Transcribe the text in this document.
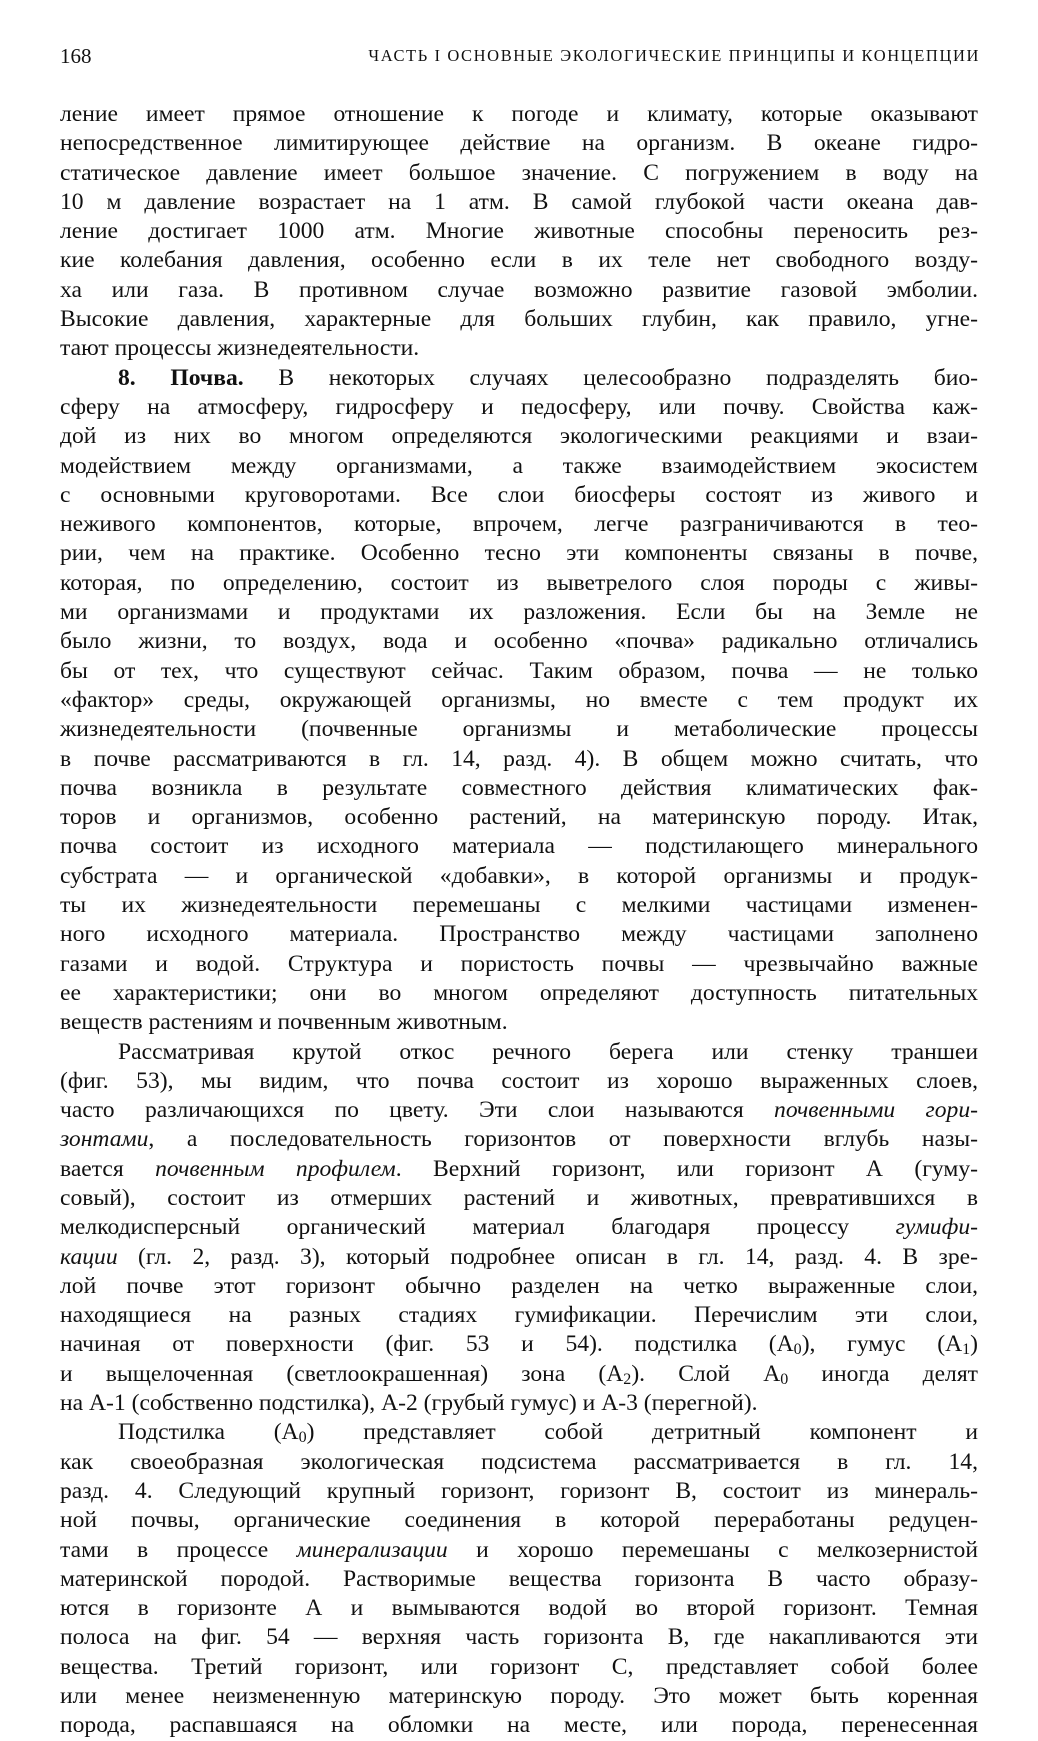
168	ЧАСТЬ I ОСНОВНЫЕ ЭКОЛОГИЧЕСКИЕ ПРИНЦИПЫ И КОНЦЕПЦИИ
ление имеет прямое отношение к погоде и климату, которые оказывают
непосредственное лимитирующее действие на организм. В океане гидро-
статическое давление имеет большое значение. С погружением в воду на
10 м давление возрастает на 1 атм. В самой глубокой части океана дав-
ление достигает 1000 атм. Многие животные способны переносить рез-
кие колебания давления, особенно если в их теле нет свободного возду-
ха или газа. В противном случае возможно развитие газовой эмболии.
Высокие давления, характерные для больших глубин, как правило, угне-
тают процессы жизнедеятельности.
8. Почва. В некоторых случаях целесообразно подразделять био-
сферу на атмосферу, гидросферу и педосферу, или почву. Свойства каж-
дой из них во многом определяются экологическими реакциями и взаи-
модействием между организмами, а также взаимодействием экосистем
с основными круговоротами. Все слои биосферы состоят из живого и
неживого компонентов, которые, впрочем, легче разграничиваются в тео-
рии, чем на практике. Особенно тесно эти компоненты связаны в почве,
которая, по определению, состоит из выветрелого слоя породы с живы-
ми организмами и продуктами их разложения. Если бы на Земле не
было жизни, то воздух, вода и особенно «почва» радикально отличались
бы от тех, что существуют сейчас. Таким образом, почва — не только
«фактор» среды, окружающей организмы, но вместе с тем продукт их
жизнедеятельности (почвенные организмы и метаболические процессы
в почве рассматриваются в гл. 14, разд. 4). В общем можно считать, что
почва возникла в результате совместного действия климатических фак-
торов и организмов, особенно растений, на материнскую породу. Итак,
почва состоит из исходного материала — подстилающего минерального
субстрата — и органической «добавки», в которой организмы и продук-
ты их жизнедеятельности перемешаны с мелкими частицами изменен-
ного исходного материала. Пространство между частицами заполнено
газами и водой. Структура и пористость почвы — чрезвычайно важные
ее характеристики; они во многом определяют доступность питательных
веществ растениям и почвенным животным.
Рассматривая крутой откос речного берега или стенку траншеи
(фиг. 53), мы видим, что почва состоит из хорошо выраженных слоев,
часто различающихся по цвету. Эти слои называются почвенными гори-
зонтами, а последовательность горизонтов от поверхности вглубь назы-
вается почвенным профилем. Верхний горизонт, или горизонт А (гуму-
совый), состоит из отмерших растений и животных, превратившихся в
мелкодисперсный органический материал благодаря процессу гумифи-
кации (гл. 2, разд. 3), который подробнее описан в гл. 14, разд. 4. В зре-
лой почве этот горизонт обычно разделен на четко выраженные слои,
находящиеся на разных стадиях гумификации. Перечислим эти слои,
начиная от поверхности (фиг. 53 и 54). подстилка $(A_0)$, гумус $(A_1)$
и выщелоченная (светлоокрашенная) зона $(A_2)$. Слой $A_0$ иногда делят
на А-1 (собственно подстилка), А-2 (грубый гумус) и А-3 (перегной).
Подстилка $(A_0)$ представляет собой детритный компонент и
как своеобразная экологическая подсистема рассматривается в гл. 14,
разд. 4. Следующий крупный горизонт, горизонт В, состоит из минераль-
ной почвы, органические соединения в которой переработаны редуцен-
тами в процессе минерализации и хорошо перемешаны с мелкозернистой
материнской породой. Растворимые вещества горизонта В часто образу-
ются в горизонте А и вымываются водой во второй горизонт. Темная
полоса на фиг. 54 — верхняя часть горизонта В, где накапливаются эти
вещества. Третий горизонт, или горизонт С, представляет собой более
или менее неизмененную материнскую породу. Это может быть коренная
порода, распавшаяся на обломки на месте, или порода, перенесенная
